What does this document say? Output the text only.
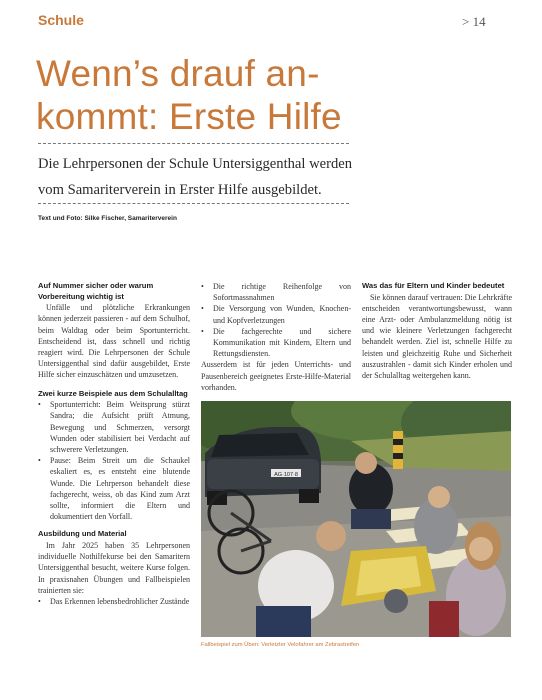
Schule	> 14
Wenn’s drauf an-
kommt: Erste Hilfe

Die Lehrpersonen der Schule Untersiggenthal werden vom Samariterverein in Erster Hilfe ausgebildet.

Text und Foto: Silke Fischer, Samariterverein
Auf Nummer sicher oder warum Vorbereitung wichtig ist

Unfälle und plötzliche Erkrankungen können jederzeit passieren - auf dem Schulhof, beim Waldtag oder beim Sportunterricht. Entscheidend ist, dass schnell und richtig reagiert wird. Die Lehrpersonen der Schule Untersiggenthal sind dafür ausgebildet, Erste Hilfe sicher einzuschätzen und umzusetzen.

Zwei kurze Beispiele aus dem Schulalltag
• Sportunterricht: Beim Weitsprung stürzt Sandra; die Aufsicht prüft Atmung, Bewegung und Schmerzen, versorgt Wunden oder stabilisiert bei Verdacht auf schwerere Verletzungen.
• Pause: Beim Streit um die Schaukel eskaliert es, es entsteht eine blutende Wunde. Die Lehrperson behandelt diese fachgerecht, weiss, ob das Kind zum Arzt sollte, informiert die Eltern und dokumentiert den Vorfall.
Ausbildung und Material

Im Jahr 2025 haben 35 Lehrpersonen individuelle Nothilfekurse bei den Samaritern Untersiggenthal besucht, weitere Kurse folgen. In praxisnahen Übungen und Fallbeispielen trainierten sie:

• Das Erkennen lebensbedrohlicher Zustände
• Die richtige Reihenfolge von Sofortmassnahmen
• Die Versorgung von Wunden, Knochen- und Kopfverletzungen
• Die fachgerechte und sichere Kommunikation mit Kindern, Eltern und Rettungsdiensten.

Ausserdem ist für jeden Unterrichts- und Pausenbereich geeignetes Erste-Hilfe-Material vorhanden.

Was das für Eltern und Kinder bedeutet

Sie können darauf vertrauen: Die Lehrkräfte entscheiden verantwortungsbewusst, wann eine Arzt- oder Ambulanzmeldung nötig ist und wie kleinere Verletzungen fachgerecht behandelt werden. Ziel ist, schnelle Hilfe zu leisten und gleichzeitig Ruhe und Sicherheit auszustrahlen - damit sich Kinder erholen und der Schulalltag weitergehen kann.

AG·107·8
Fallbeispiel zum Üben: Verletzter Velofahrer am Zebrastreifen
